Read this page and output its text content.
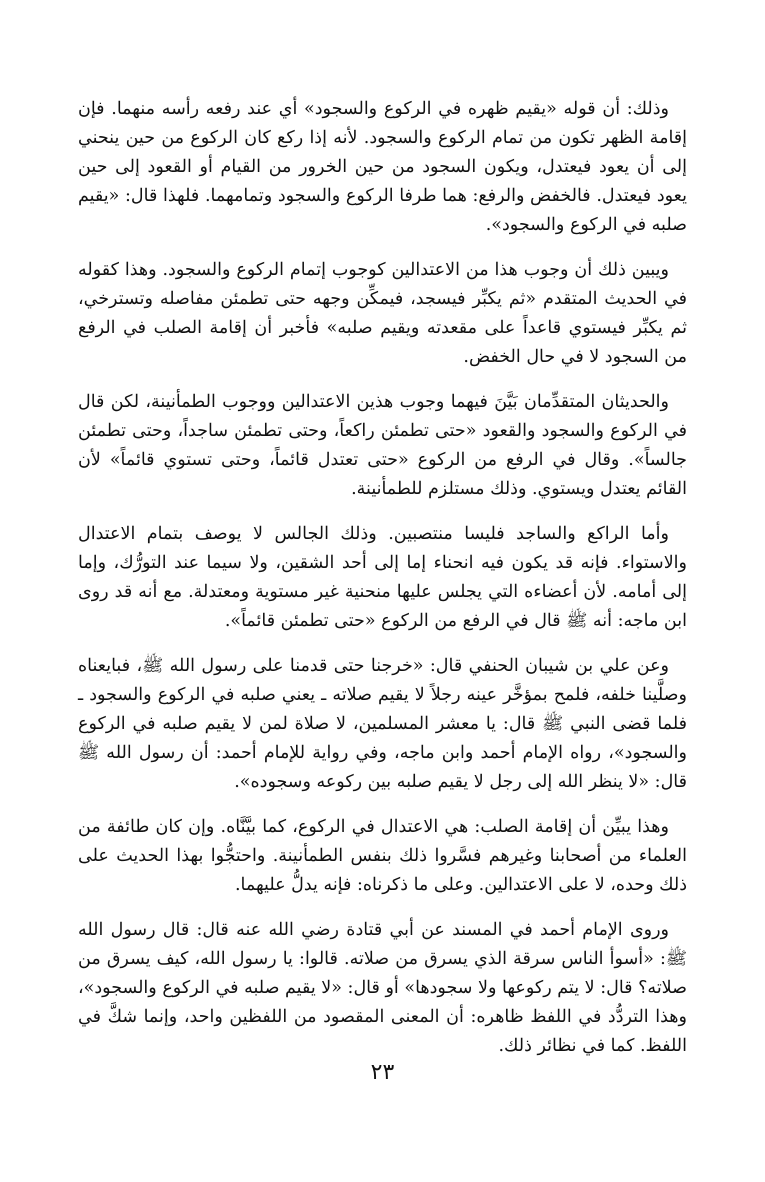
وذلك: أن قوله «يقيم ظهره في الركوع والسجود» أي عند رفعه رأسه منهما. فإن إقامة الظهر تكون من تمام الركوع والسجود. لأنه إذا ركع كان الركوع من حين ينحني إلى أن يعود فيعتدل، ويكون السجود من حين الخرور من القيام أو القعود إلى حين يعود فيعتدل. فالخفض والرفع: هما طرفا الركوع والسجود وتمامهما. فلهذا قال: «يقيم صلبه في الركوع والسجود».

ويبين ذلك أن وجوب هذا من الاعتدالين كوجوب إتمام الركوع والسجود. وهذا كقوله في الحديث المتقدم «ثم يكبِّر فيسجد، فيمكِّن وجهه حتى تطمئن مفاصله وتسترخي، ثم يكبِّر فيستوي قاعداً على مقعدته ويقيم صلبه» فأخبر أن إقامة الصلب في الرفع من السجود لا في حال الخفض.

والحديثان المتقدِّمان بَيَّنَ فيهما وجوب هذين الاعتدالين ووجوب الطمأنينة، لكن قال في الركوع والسجود والقعود «حتى تطمئن راكعاً، وحتى تطمئن ساجداً، وحتى تطمئن جالساً». وقال في الرفع من الركوع «حتى تعتدل قائماً، وحتى تستوي قائماً» لأن القائم يعتدل ويستوي. وذلك مستلزم للطمأنينة.

وأما الراكع والساجد فليسا منتصبين. وذلك الجالس لا يوصف بتمام الاعتدال والاستواء. فإنه قد يكون فيه انحناء إما إلى أحد الشقين، ولا سيما عند التورُّك، وإما إلى أمامه. لأن أعضاءه التي يجلس عليها منحنية غير مستوية ومعتدلة. مع أنه قد روى ابن ماجه: أنه ﷺ قال في الرفع من الركوع «حتى تطمئن قائماً».

وعن علي بن شيبان الحنفي قال: «خرجنا حتى قدمنا على رسول الله ﷺ، فبايعناه وصلَّينا خلفه، فلمح بمؤخَّر عينه رجلاً لا يقيم صلاته ـ يعني صلبه في الركوع والسجود ـ فلما قضى النبي ﷺ قال: يا معشر المسلمين، لا صلاة لمن لا يقيم صلبه في الركوع والسجود»، رواه الإمام أحمد وابن ماجه، وفي رواية للإمام أحمد: أن رسول الله ﷺ قال: «لا ينظر الله إلى رجل لا يقيم صلبه بين ركوعه وسجوده».

وهذا يبيِّن أن إقامة الصلب: هي الاعتدال في الركوع، كما بيَّنَّاه. وإن كان طائفة من العلماء من أصحابنا وغيرهم فسَّروا ذلك بنفس الطمأنينة. واحتجُّوا بهذا الحديث على ذلك وحده، لا على الاعتدالين. وعلى ما ذكرناه: فإنه يدلُّ عليهما.

وروى الإمام أحمد في المسند عن أبي قتادة رضي الله عنه قال: قال رسول الله ﷺ: «أسوأ الناس سرقة الذي يسرق من صلاته. قالوا: يا رسول الله، كيف يسرق من صلاته؟ قال: لا يتم ركوعها ولا سجودها» أو قال: «لا يقيم صلبه في الركوع والسجود»، وهذا التردُّد في اللفظ ظاهره: أن المعنى المقصود من اللفظين واحد، وإنما شكَّ في اللفظ. كما في نظائر ذلك.

٢٣
